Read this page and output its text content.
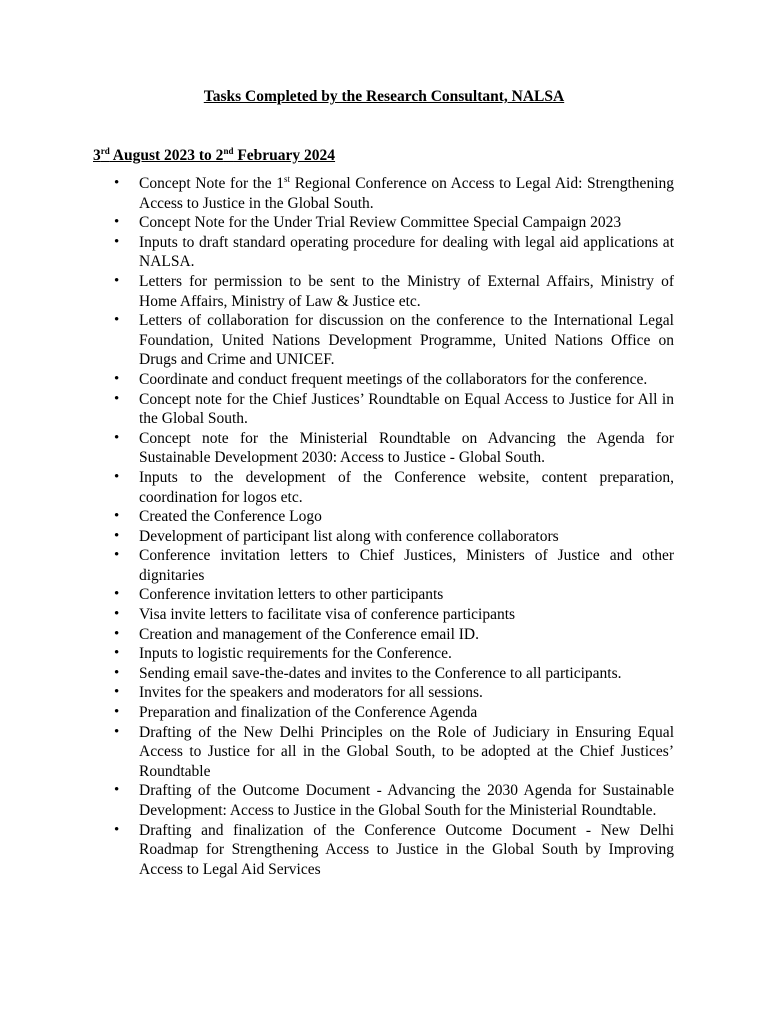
Tasks Completed by the Research Consultant, NALSA
3rd August 2023 to 2nd February 2024
• Concept Note for the 1st Regional Conference on Access to Legal Aid: Strengthening Access to Justice in the Global South.
• Concept Note for the Under Trial Review Committee Special Campaign 2023
• Inputs to draft standard operating procedure for dealing with legal aid applications at NALSA.
• Letters for permission to be sent to the Ministry of External Affairs, Ministry of Home Affairs, Ministry of Law & Justice etc.
• Letters of collaboration for discussion on the conference to the International Legal Foundation, United Nations Development Programme, United Nations Office on Drugs and Crime and UNICEF.
• Coordinate and conduct frequent meetings of the collaborators for the conference.
• Concept note for the Chief Justices’ Roundtable on Equal Access to Justice for All in the Global South.
• Concept note for the Ministerial Roundtable on Advancing the Agenda for Sustainable Development 2030: Access to Justice - Global South.
• Inputs to the development of the Conference website, content preparation, coordination for logos etc.
• Created the Conference Logo
• Development of participant list along with conference collaborators
• Conference invitation letters to Chief Justices, Ministers of Justice and other dignitaries
• Conference invitation letters to other participants
• Visa invite letters to facilitate visa of conference participants
• Creation and management of the Conference email ID.
• Inputs to logistic requirements for the Conference.
• Sending email save-the-dates and invites to the Conference to all participants.
• Invites for the speakers and moderators for all sessions.
• Preparation and finalization of the Conference Agenda
• Drafting of the New Delhi Principles on the Role of Judiciary in Ensuring Equal Access to Justice for all in the Global South, to be adopted at the Chief Justices’ Roundtable
• Drafting of the Outcome Document - Advancing the 2030 Agenda for Sustainable Development: Access to Justice in the Global South for the Ministerial Roundtable.
• Drafting and finalization of the Conference Outcome Document - New Delhi Roadmap for Strengthening Access to Justice in the Global South by Improving Access to Legal Aid Services
